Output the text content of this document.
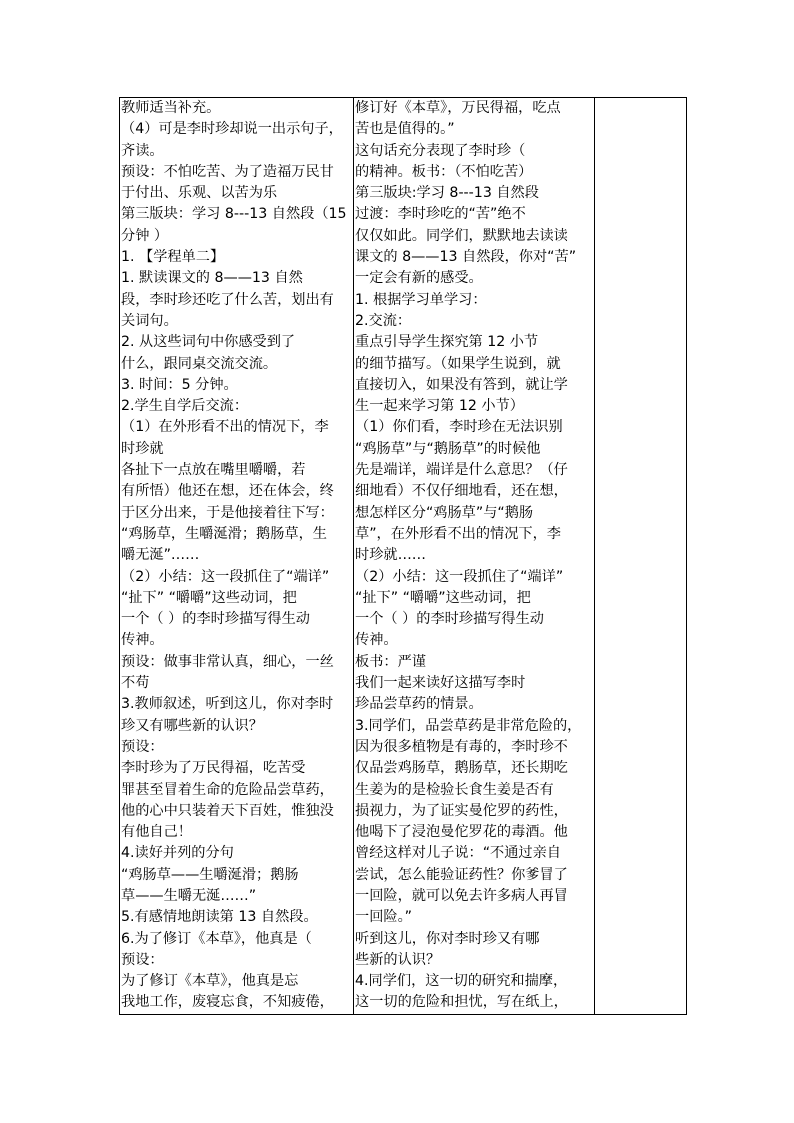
教师适当补充。
（4）可是李时珍却说一出示句子，
齐读。
预设：不怕吃苦、为了造福万民甘
于付出、乐观、以苦为乐
第三版块：学习 8---13 自然段（15
分钟 ）
1. 【学程单二】
1. 默读课文的 8——13 自然
段，李时珍还吃了什么苦，划出有
关词句。
2. 从这些词句中你感受到了
什么，跟同桌交流交流。
3. 时间：5 分钟。
2.学生自学后交流：
（1）在外形看不出的情况下，李
时珍就
各扯下一点放在嘴里嚼嚼，若
有所悟）他还在想，还在体会，终
于区分出来，于是他接着往下写：
“鸡肠草，生嚼涎滑；鹅肠草，生
嚼无涎”……
（2）小结：这一段抓住了“端详”
“扯下” “嚼嚼”这些动词，把
一个（ ）的李时珍描写得生动
传神。
预设：做事非常认真，细心，一丝
不苟
3.教师叙述，听到这儿，你对李时
珍又有哪些新的认识？
预设：
李时珍为了万民得福，吃苦受
罪甚至冒着生命的危险品尝草药，
他的心中只装着天下百姓，惟独没
有他自己！
4.读好并列的分句
“鸡肠草——生嚼涎滑；鹅肠
草——生嚼无涎……”
5.有感情地朗读第 13 自然段。
6.为了修订《本草》，他真是（
预设：
为了修订《本草》，他真是忘
我地工作，废寝忘食，不知疲倦，
修订好《本草》，万民得福，吃点
苦也是值得的。”
这句话充分表现了李时珍（
的精神。板书：（不怕吃苦）
第三版块:学习 8---13 自然段
过渡：李时珍吃的“苦”绝不
仅仅如此。同学们，默默地去读读
课文的 8——13 自然段，你对“苦”
一定会有新的感受。
1. 根据学习单学习：
2.交流：
重点引导学生探究第 12 小节
的细节描写。（如果学生说到，就
直接切入，如果没有答到，就让学
生一起来学习第 12 小节）
（1）你们看，李时珍在无法识别
“鸡肠草”与“鹅肠草”的时候他
先是端详，端详是什么意思？（仔
细地看）不仅仔细地看，还在想，
想怎样区分“鸡肠草”与“鹅肠
草”，在外形看不出的情况下，李
时珍就……
（2）小结：这一段抓住了“端详”
“扯下” “嚼嚼”这些动词，把
一个（ ）的李时珍描写得生动
传神。
板书：严谨
我们一起来读好这描写李时
珍品尝草药的情景。
3.同学们，品尝草药是非常危险的，
因为很多植物是有毒的，李时珍不
仅品尝鸡肠草，鹅肠草，还长期吃
生姜为的是检验长食生姜是否有
损视力，为了证实曼佗罗的药性，
他喝下了浸泡曼佗罗花的毒酒。他
曾经这样对儿子说：“不通过亲自
尝试，怎么能验证药性？你爹冒了
一回险，就可以免去许多病人再冒
一回险。”
听到这儿，你对李时珍又有哪
些新的认识？
4.同学们，这一切的研究和揣摩，
这一切的危险和担忧，写在纸上，
